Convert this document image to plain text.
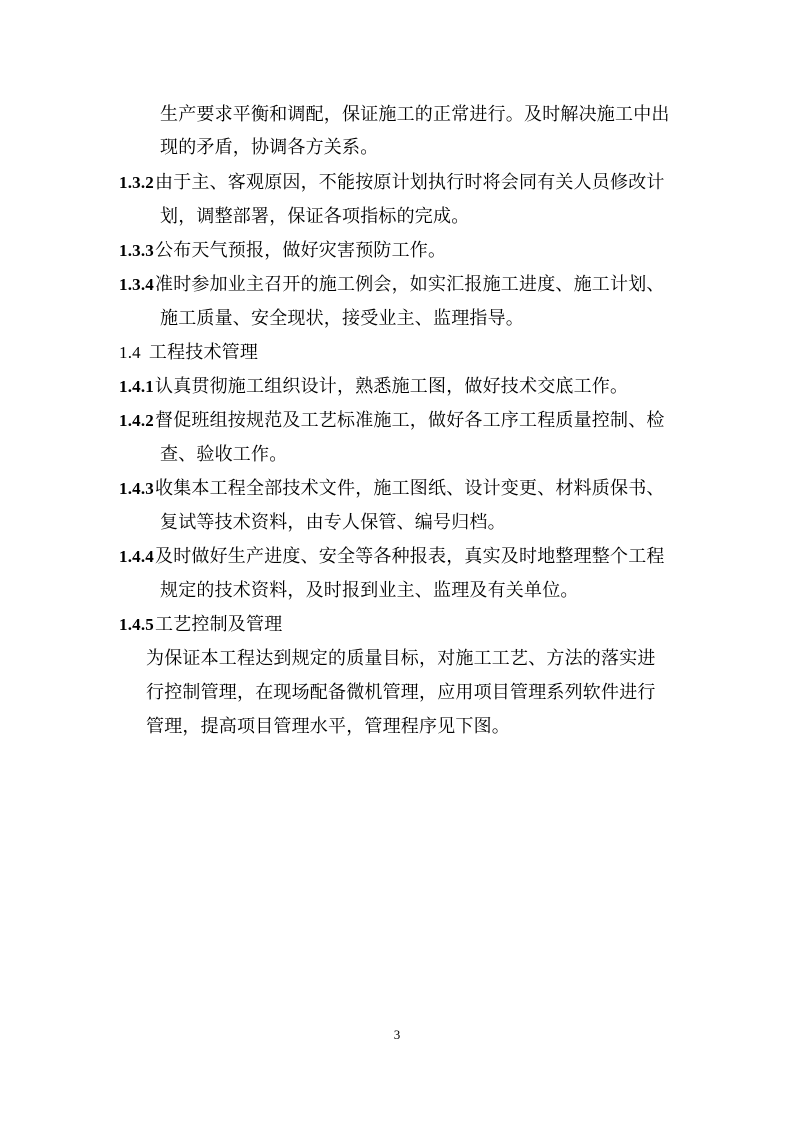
生产要求平衡和调配，保证施工的正常进行。及时解决施工中出
现的矛盾，协调各方关系。
1.3.2由于主、客观原因，不能按原计划执行时将会同有关人员修改计
划，调整部署，保证各项指标的完成。
1.3.3公布天气预报，做好灾害预防工作。
1.3.4准时参加业主召开的施工例会，如实汇报施工进度、施工计划、
施工质量、安全现状，接受业主、监理指导。
1.4 工程技术管理
1.4.1认真贯彻施工组织设计，熟悉施工图，做好技术交底工作。
1.4.2督促班组按规范及工艺标准施工，做好各工序工程质量控制、检
查、验收工作。
1.4.3收集本工程全部技术文件，施工图纸、设计变更、材料质保书、
复试等技术资料，由专人保管、编号归档。
1.4.4及时做好生产进度、安全等各种报表，真实及时地整理整个工程
规定的技术资料，及时报到业主、监理及有关单位。
1.4.5工艺控制及管理
为保证本工程达到规定的质量目标，对施工工艺、方法的落实进
行控制管理，在现场配备微机管理，应用项目管理系列软件进行
管理，提高项目管理水平，管理程序见下图。
3
